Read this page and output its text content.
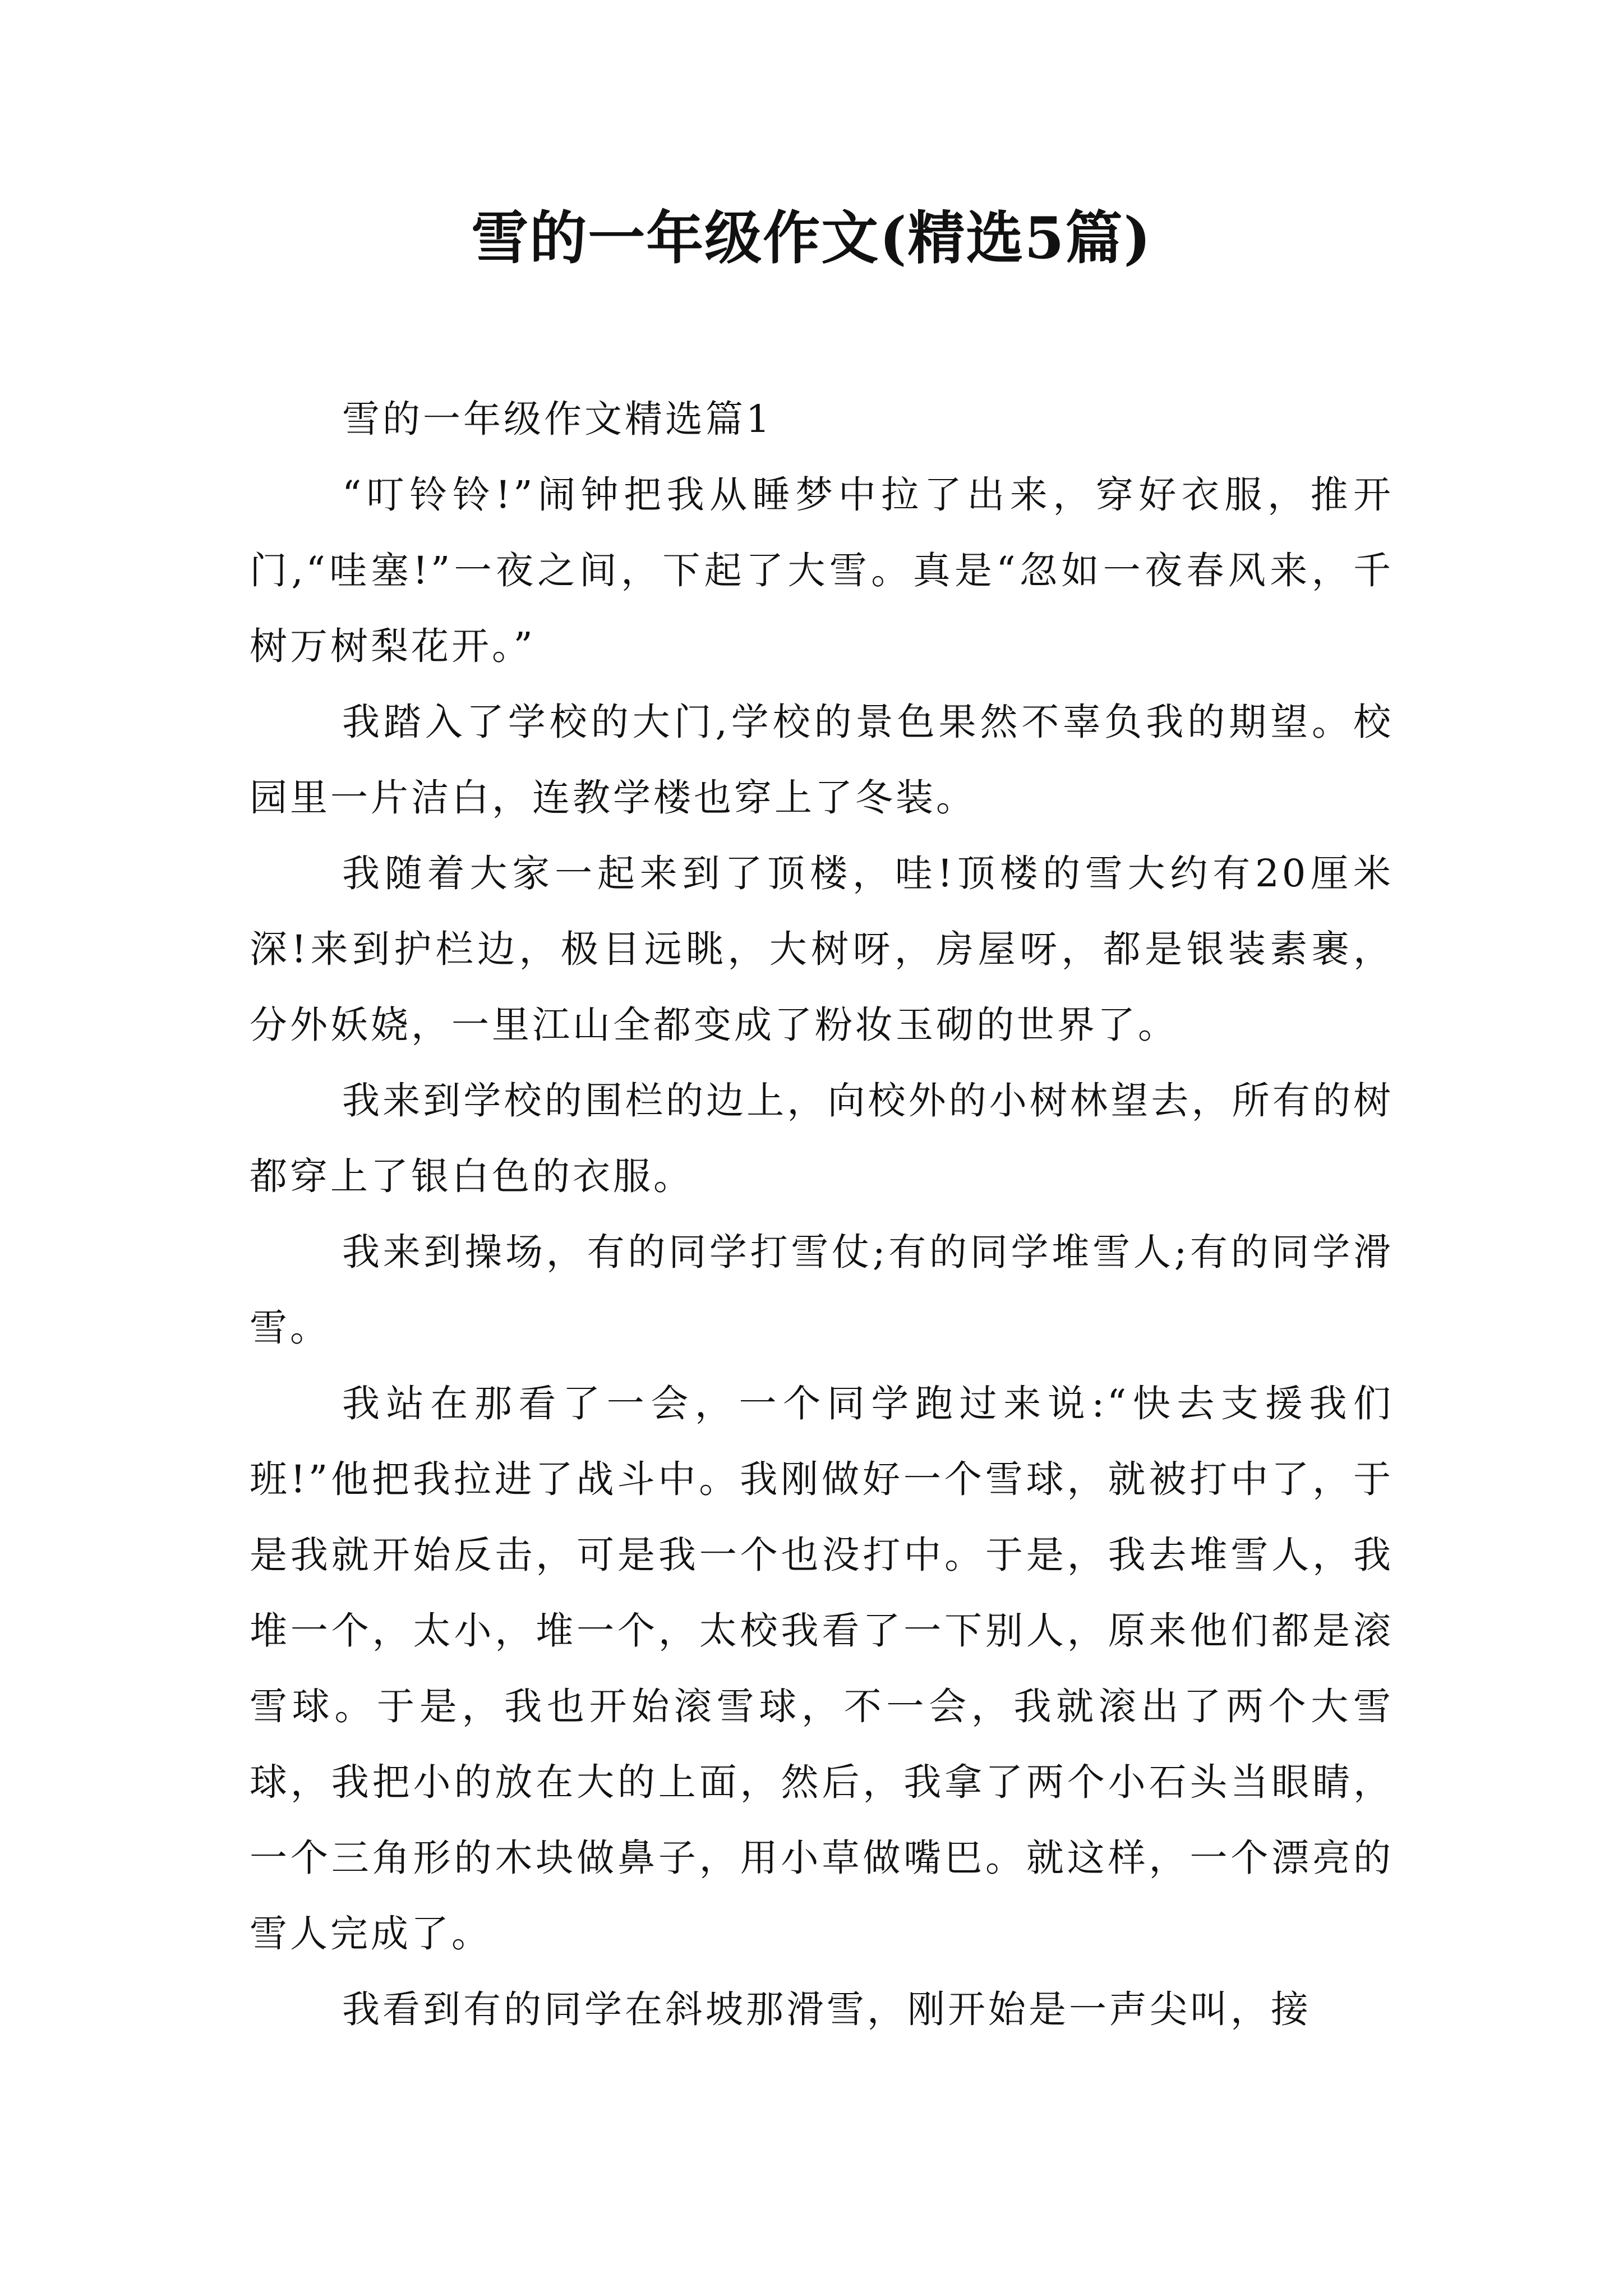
雪的一年级作文(精选5篇)

雪的一年级作文精选篇1

“叮铃铃!”闹钟把我从睡梦中拉了出来，穿好衣服，推开门,“哇塞!”一夜之间，下起了大雪。真是“忽如一夜春风来，千树万树梨花开。”

我踏入了学校的大门,学校的景色果然不辜负我的期望。校园里一片洁白，连教学楼也穿上了冬装。

我随着大家一起来到了顶楼，哇!顶楼的雪大约有20厘米深!来到护栏边，极目远眺，大树呀，房屋呀，都是银装素裹，分外妖娆，一里江山全都变成了粉妆玉砌的世界了。

我来到学校的围栏的边上，向校外的小树林望去，所有的树都穿上了银白色的衣服。

我来到操场，有的同学打雪仗;有的同学堆雪人;有的同学滑雪。

我站在那看了一会，一个同学跑过来说:“快去支援我们班!”他把我拉进了战斗中。我刚做好一个雪球，就被打中了，于是我就开始反击，可是我一个也没打中。于是，我去堆雪人，我堆一个，太小，堆一个，太校我看了一下别人，原来他们都是滚雪球。于是，我也开始滚雪球，不一会，我就滚出了两个大雪球，我把小的放在大的上面，然后，我拿了两个小石头当眼睛，一个三角形的木块做鼻子，用小草做嘴巴。就这样，一个漂亮的雪人完成了。

我看到有的同学在斜坡那滑雪，刚开始是一声尖叫，接
